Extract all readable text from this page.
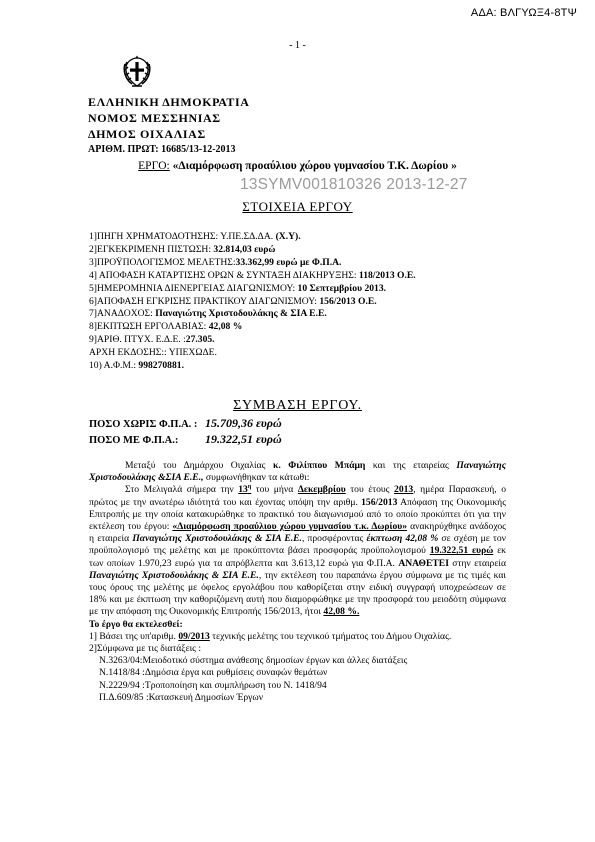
ΑΔΑ: ΒΛΓΥΩΞ4-8ΤΨ
- 1 -
ΕΛΛΗΝΙΚΗ ΔΗΜΟΚΡΑΤΙΑ
ΝΟΜΟΣ ΜΕΣΣΗΝΙΑΣ
ΔΗΜΟΣ ΟΙΧΑΛΙΑΣ
ΑΡΙΘΜ. ΠΡΩΤ: 16685/13-12-2013
ΕΡΓΟ: «Διαμόρφωση προαύλιου χώρου γυμνασίου Τ.Κ. Δωρίου »
13SYMV001810326 2013-12-27
ΣΤΟΙΧΕΙΑ ΕΡΓΟΥ
1]ΠΗΓΗ ΧΡΗΜΑΤΟΔΟΤΗΣΗΣ: Υ.ΠΕ.ΣΔ.ΔΑ. (Χ.Υ).
2]ΕΓΚΕΚΡΙΜΕΝΗ ΠΙΣΤΩΣΗ: 32.814,03 ευρώ
3]ΠΡΟΫΠΟΛΟΓΙΣΜΟΣ ΜΕΛΕΤΗΣ:33.362,99 ευρώ με Φ.Π.Α.
4] ΑΠΟΦΑΣΗ ΚΑΤΑΡΤΙΣΗΣ ΟΡΩΝ & ΣΥΝΤΑΞΗ ΔΙΑΚΗΡΥΞΗΣ: 118/2013 Ο.Ε.
5]ΗΜΕΡΟΜΗΝΙΑ ΔΙΕΝΕΡΓΕΙΑΣ ΔΙΑΓΩΝΙΣΜΟΥ: 10 Σεπτεμβρίου 2013.
6]ΑΠΟΦΑΣΗ ΕΓΚΡΙΣΗΣ ΠΡΑΚΤΙΚΟΥ ΔΙΑΓΩΝΙΣΜΟΥ: 156/2013 Ο.Ε.
7]ΑΝΑΔΟΧΟΣ: Παναγιώτης Χριστοδουλάκης & ΣΙΑ Ε.Ε.
8]ΕΚΠΤΩΣΗ ΕΡΓΟΛΑΒΙΑΣ: 42,08 %
9]ΑΡΙΘ. ΠΤΥΧ. Ε.Δ.Ε. :27.305.
ΑΡΧΗ ΕΚΔΟΣΗΣ:: ΥΠΕΧΩΔΕ.
10) Α.Φ.Μ.: 998270881.
ΣΥΜΒΑΣΗ ΕΡΓΟΥ.
ΠΟΣΟ ΧΩΡΙΣ Φ.Π.Α. : 15.709,36 ευρώ
ΠΟΣΟ ΜΕ Φ.Π.Α.: 19.322,51 ευρώ

Μεταξύ του Δημάρχου Οιχαλίας κ. Φιλίππου Μπάμη και της εταιρείας Παναγιώτης Χριστοδουλάκης &ΣΙΑ Ε.Ε., συμφωνήθηκαν τα κάτωθι:

Στο Μελιγαλά σήμερα την $13^\eta$ του μήνα Δεκεμβρίου του έτους 2013, ημέρα Παρασκευή, ο πρώτος με την ανωτέρω ιδιότητά του και έχοντας υπόψη την αριθμ. 156/2013 Απόφαση της Οικονομικής Επιτροπής με την οποία κατακυρώθηκε το πρακτικό του διαγωνισμού από το οποίο προκύπτει ότι για την εκτέλεση του έργου: «Διαμόρφωση προαύλιου χώρου γυμνασίου τ.κ. Δωρίου» ανακηρύχθηκε ανάδοχος η εταιρεία Παναγιώτης Χριστοδουλάκης & ΣΙΑ Ε.Ε., προσφέροντας έκπτωση 42,08 % σε σχέση με τον προϋπολογισμό της μελέτης και με προκύπτοντα βάσει προσφοράς προϋπολογισμού 19.322,51 ευρώ εκ των οποίων 1.970,23 ευρώ για τα απρόβλεπτα και 3.613,12 ευρώ για Φ.Π.Α. ΑΝΑΘΕΤΕΙ στην εταιρεία Παναγιώτης Χριστοδουλάκης & ΣΙΑ Ε.Ε., την εκτέλεση του παραπάνω έργου σύμφωνα με τις τιμές και τους όρους της μελέτης με όφελος εργολάβου που καθορίζεται στην ειδική συγγραφή υποχρεώσεων σε 18% και με έκπτωση την καθοριζόμενη αυτή που διαμορφώθηκε με την προσφορά του μειοδότη σύμφωνα με την απόφαση της Οικονομικής Επιτροπής 156/2013, ήτοι 42,08 %.

Το έργο θα εκτελεσθεί:

1] Βάσει της υπ'αριθμ. 09/2013 τεχνικής μελέτης του τεχνικού τμήματος του Δήμου Οιχαλίας.

2]Σύμφωνα με τις διατάξεις :

Ν.3263/04:Μειοδοτικό σύστημα ανάθεσης δημοσίων έργων και άλλες διατάξεις
Ν.1418/84 :Δημόσια έργα και ρυθμίσεις συναφών θεμάτων
Ν.2229/94 :Τροποποίηση και συμπλήρωση του Ν. 1418/94
Π.Δ.609/85 :Κατασκευή Δημοσίων Έργων
